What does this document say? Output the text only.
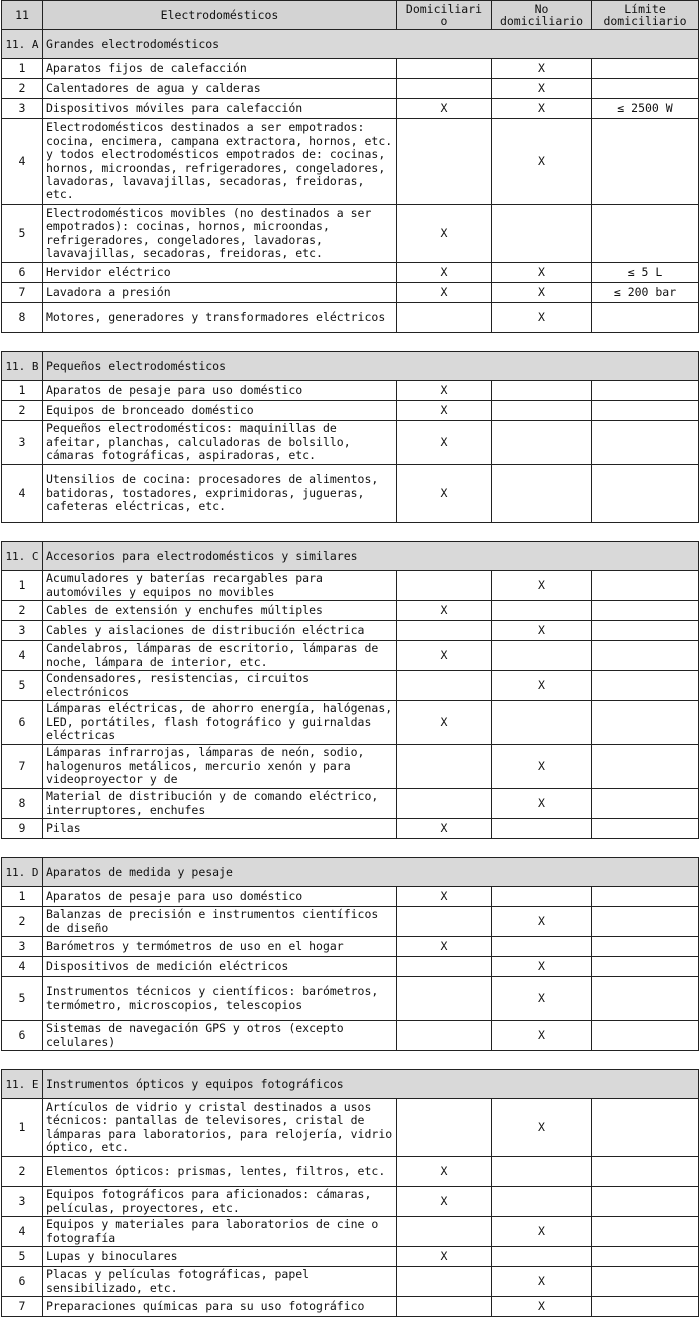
11	Electrodomésticos	Domiciliari o	No domiciliario	Límite domiciliario
11. A	Grandes electrodomésticos			
1	Aparatos fijos de calefacción		X	
2	Calentadores de agua y calderas		X	
3	Dispositivos móviles para calefacción	X	X	≤ 2500 W
4	Electrodomésticos destinados a ser empotrados: cocina, encimera, campana extractora, hornos, etc. y todos electrodomésticos empotrados de: cocinas, hornos, microondas, refrigeradores, congeladores, lavadoras, lavavajillas, secadoras, freidoras, etc.		X	
5	Electrodomésticos movibles (no destinados a ser empotrados): cocinas, hornos, microondas, refrigeradores, congeladores, lavadoras, lavavajillas, secadoras, freidoras, etc.	X		
6	Hervidor eléctrico	X	X	≤ 5 L
7	Lavadora a presión	X	X	≤ 200 bar
8	Motores, generadores y transformadores eléctricos		X	

11. B	Pequeños electrodomésticos			
1	Aparatos de pesaje para uso doméstico	X		
2	Equipos de bronceado doméstico	X		
3	Pequeños electrodomésticos: maquinillas de afeitar, planchas, calculadoras de bolsillo, cámaras fotográficas, aspiradoras, etc.	X		
4	Utensilios de cocina: procesadores de alimentos, batidoras, tostadores, exprimidoras, jugueras, cafeteras eléctricas, etc.	X		

11. C	Accesorios para electrodomésticos y similares			
1	Acumuladores y baterías recargables para automóviles y equipos no movibles		X	
2	Cables de extensión y enchufes múltiples	X		
3	Cables y aislaciones de distribución eléctrica		X	
4	Candelabros, lámparas de escritorio, lámparas de noche, lámpara de interior, etc.	X		
5	Condensadores, resistencias, circuitos electrónicos		X	
6	Lámparas eléctricas, de ahorro energía, halógenas, LED, portátiles, flash fotográfico y guirnaldas eléctricas	X		
7	Lámparas infrarrojas, lámparas de neón, sodio, halogenuros metálicos, mercurio xenón y para videoproyector y de		X	
8	Material de distribución y de comando eléctrico, interruptores, enchufes		X	
9	Pilas	X		

11. D	Aparatos de medida y pesaje			
1	Aparatos de pesaje para uso doméstico	X		
2	Balanzas de precisión e instrumentos científicos de diseño		X	
3	Barómetros y termómetros de uso en el hogar	X		
4	Dispositivos de medición eléctricos		X	
5	Instrumentos técnicos y científicos: barómetros, termómetro, microscopios, telescopios		X	
6	Sistemas de navegación GPS y otros (excepto celulares)		X	

11. E	Instrumentos ópticos y equipos fotográficos			
1	Artículos de vidrio y cristal destinados a usos técnicos: pantallas de televisores, cristal de lámparas para laboratorios, para relojería, vidrio óptico, etc.		X	
2	Elementos ópticos: prismas, lentes, filtros, etc.	X		
3	Equipos fotográficos para aficionados: cámaras, películas, proyectores, etc.	X		
4	Equipos y materiales para laboratorios de cine o fotografía		X	
5	Lupas y binoculares	X		
6	Placas y películas fotográficas, papel sensibilizado, etc.		X	
7	Preparaciones químicas para su uso fotográfico		X	
